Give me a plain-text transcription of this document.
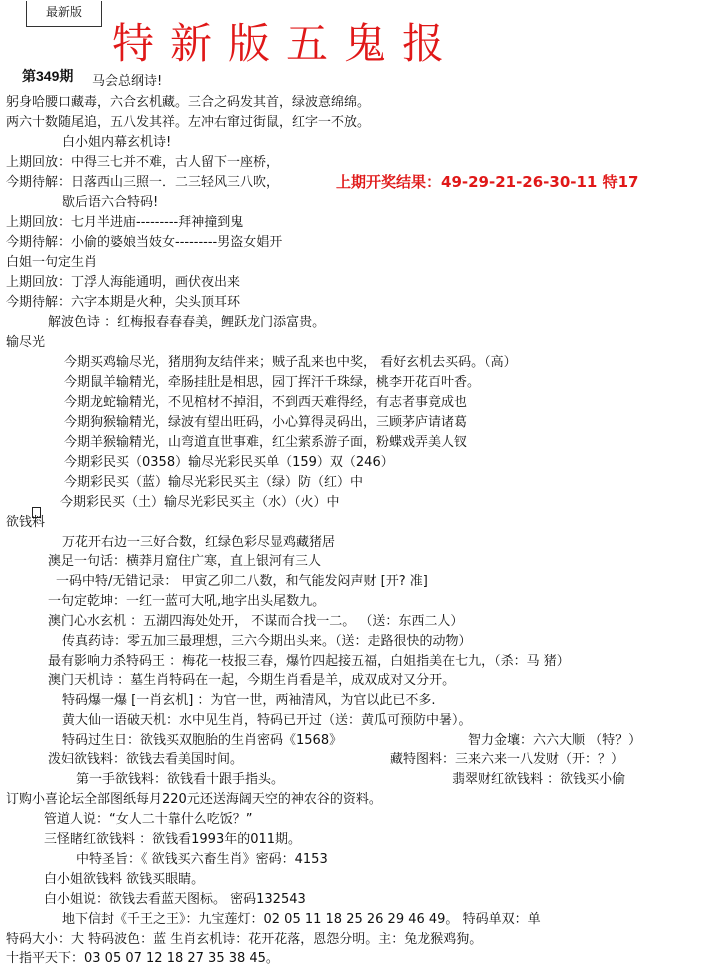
最新版
特新版五鬼报
第349期 马会总纲诗!
躬身哈腰口藏毒，六合玄机藏。三合之码发其首，绿波意绵绵。
两六十数随尾追，五八发其祥。左冲右窜过街鼠，红字一不放。
白小姐内幕玄机诗!
上期回放：中得三七并不难，古人留下一座桥，
今期待解：日落西山三照一．二三轻风三八吹，	上期开奖结果：49-29-21-26-30-11 特17
歇后语六合特码!
上期回放：七月半进庙---------拜神撞到鬼
今期待解：小偷的婆娘当妓女---------男盗女娼开
白姐一句定生肖
上期回放：丁浮人海能通明，画伏夜出来
今期待解：六字本期是火种，尖头顶耳环
解波色诗 ：红梅报春春春美，鲤跃龙门添富贵。
输尽光
今期买鸡输尽光，猪朋狗友结伴来；贼子乱来也中奖， 看好玄机去买码。（高）
今期鼠羊输精光，牵肠挂肚是相思，园丁挥汗千珠绿，桃李开花百叶香。
今期龙蛇输精光，不见棺材不掉泪，不到西天难得经，有志者事竟成也
今期狗猴输精光，绿波有望出旺码，小心算得灵码出，三顾茅庐请诸葛
今期羊猴输精光，山弯道直世事难，红尘萦系游子面，粉蝶戏弄美人钗
今期彩民买（0358）输尽光彩民买单（159）双（246）
今期彩民买（蓝）输尽光彩民买主（绿）防（红）中
今期彩民买（土）输尽光彩民买主（水）（火）中
欲钱料
万花开右边一三好合数，红绿色彩尽显鸡藏猪居
澳足一句话：横莽月窟住广寒，直上银河有三人
一码中特/无错记录： 甲寅乙卯二八数，和气能发闷声财 [开? 准]
一句定乾坤：一红一蓝可大吼,地字出头尾数九。
澳门心水玄机 ：五湖四海处处开， 不谋而合找一二。 （送：东西二人）
传真药诗：零五加三最理想，三六今期出头来。（送：走路很快的动物）
最有影响力杀特码王 ：梅花一枝报三春，爆竹四起接五福，白姐指美在七九，（杀：马 猪）
澳门天机诗 ：墓生肖特码在一起，今期生肖看是羊，成双成对又分开。
特码爆一爆 [一肖玄机] ：为官一世，两袖清风，为官以此已不多.
黄大仙一语破天机：水中见生肖，特码已开过（送：黄瓜可预防中暑）。
特码过生日：欲钱买双胞胎的生肖密码《1568》	智力金壤：六六大顺 （特？）
泼妇欲钱料：欲钱去看美国时间。	藏特图料：三来六来一八发财（开：？）
第一手欲钱料：欲钱看十跟手指头。	翡翠财红欲钱料 ：欲钱买小偷
订购小喜论坛全部图纸每月220元还送海阔天空的神农谷的资料。
管道人说：“女人二十靠什么吃饭？”
三怪睹红欲钱料 ：欲钱看1993年的011期。
中特圣旨：《 欲钱买六畜生肖》密码：4153
白小姐欲钱料 欲钱买眼睛。
白小姐说：欲钱去看蓝天图标。 密码132543
地下信封《千王之王》：九宝莲灯：02 05 11 18 25 26 29 46 49。 特码单双：单
特码大小：大 特码波色：蓝 生肖玄机诗：花开花落，恩怨分明。主：兔龙猴鸡狗。
十指平天下：03 05 07 12 18 27 35 38 45。
